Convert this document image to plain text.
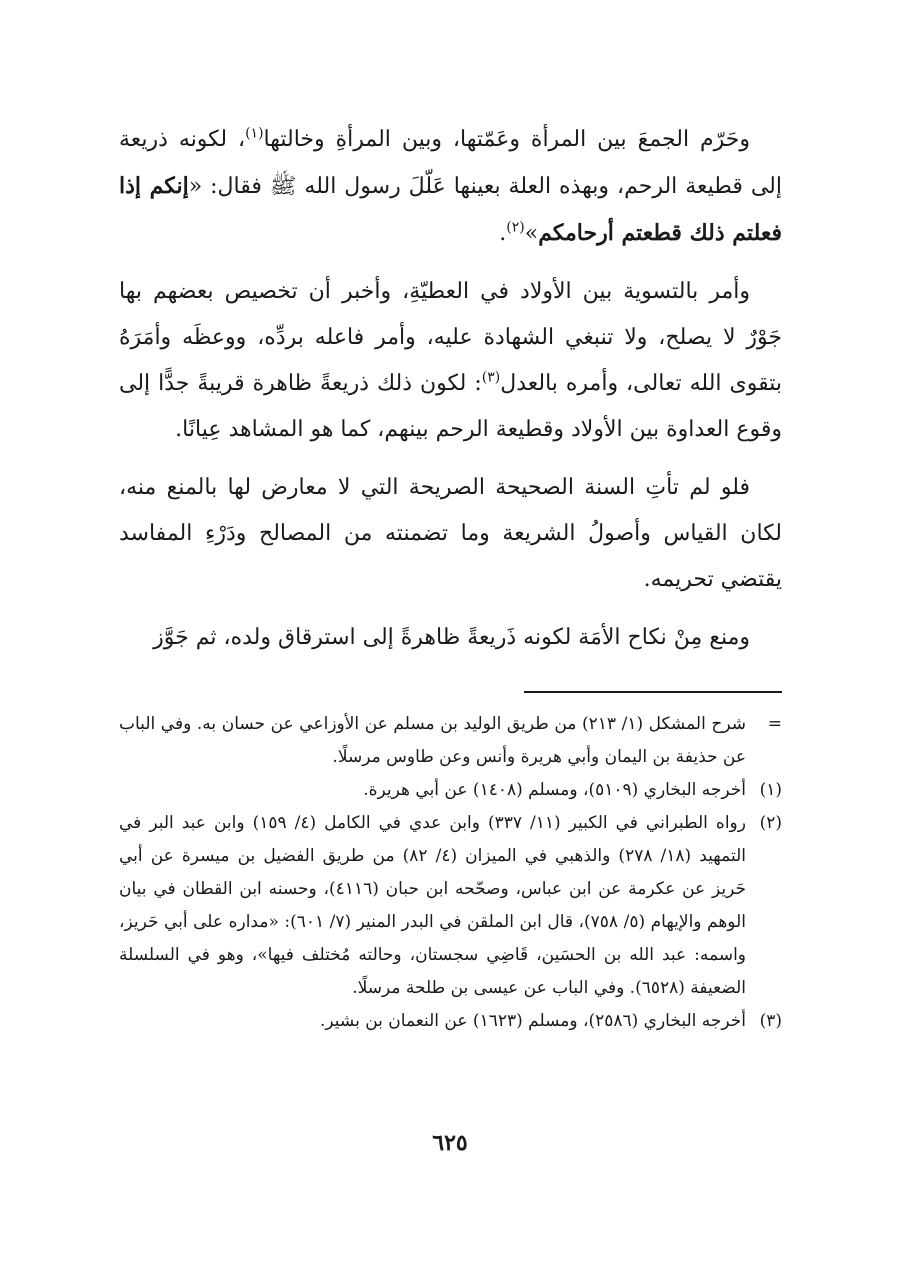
وحَرّم الجمعَ بين المرأة وعَمّتها، وبين المرأةِ وخالتها$^{(١)}$، لكونه ذريعة إلى قطيعة الرحم، وبهذه العلة بعينها عَلّلَ رسول الله ﷺ فقال: «إنكم إذا فعلتم ذلك قطعتم أرحامكم»$^{(٢)}$.

وأمر بالتسوية بين الأولاد في العطيّةِ، وأخبر أن تخصيص بعضهم بها جَوْرٌ لا يصلح، ولا تنبغي الشهادة عليه، وأمر فاعله بردِّه، ووعظَه وأمَرَهُ بتقوى الله تعالى، وأمره بالعدل$^{(٣)}$: لكون ذلك ذريعةً ظاهرة قريبةً جدًّا إلى وقوع العداوة بين الأولاد وقطيعة الرحم بينهم، كما هو المشاهد عِيانًا.

فلو لم تأتِ السنة الصحيحة الصريحة التي لا معارض لها بالمنع منه، لكان القياس وأصولُ الشريعة وما تضمنته من المصالح ودَرْءِ المفاسد يقتضي تحريمه.

ومنع مِنْ نكاح الأمَة لكونه ذَريعةً ظاهرةً إلى استرقاق ولده، ثم جَوَّز

=
شرح المشكل (١/ ٢١٣) من طريق الوليد بن مسلم عن الأوزاعي عن حسان به. وفي الباب عن حذيفة بن اليمان وأبي هريرة وأنس وعن طاوس مرسلًا.
(١)
أخرجه البخاري (٥١٠٩)، ومسلم (١٤٠٨) عن أبي هريرة.
(٢)
رواه الطبراني في الكبير (١١/ ٣٣٧) وابن عدي في الكامل (٤/ ١٥٩) وابن عبد البر في التمهيد (١٨/ ٢٧٨) والذهبي في الميزان (٤/ ٨٢) من طريق الفضيل بن ميسرة عن أبي حَريز عن عكرمة عن ابن عباس، وصحّحه ابن حبان (٤١١٦)، وحسنه ابن القطان في بيان الوهم والإيهام (٥/ ٧٥٨)، قال ابن الملقن في البدر المنير (٧/ ٦٠١): «مداره على أبي حَريز، واسمه: عبد الله بن الحسَين، قَاضِي سجستان، وحالته مُختلف فيها»، وهو في السلسلة الضعيفة (٦٥٢٨). وفي الباب عن عيسى بن طلحة مرسلًا.
(٣)
أخرجه البخاري (٢٥٨٦)، ومسلم (١٦٢٣) عن النعمان بن بشير.
٦٢٥
